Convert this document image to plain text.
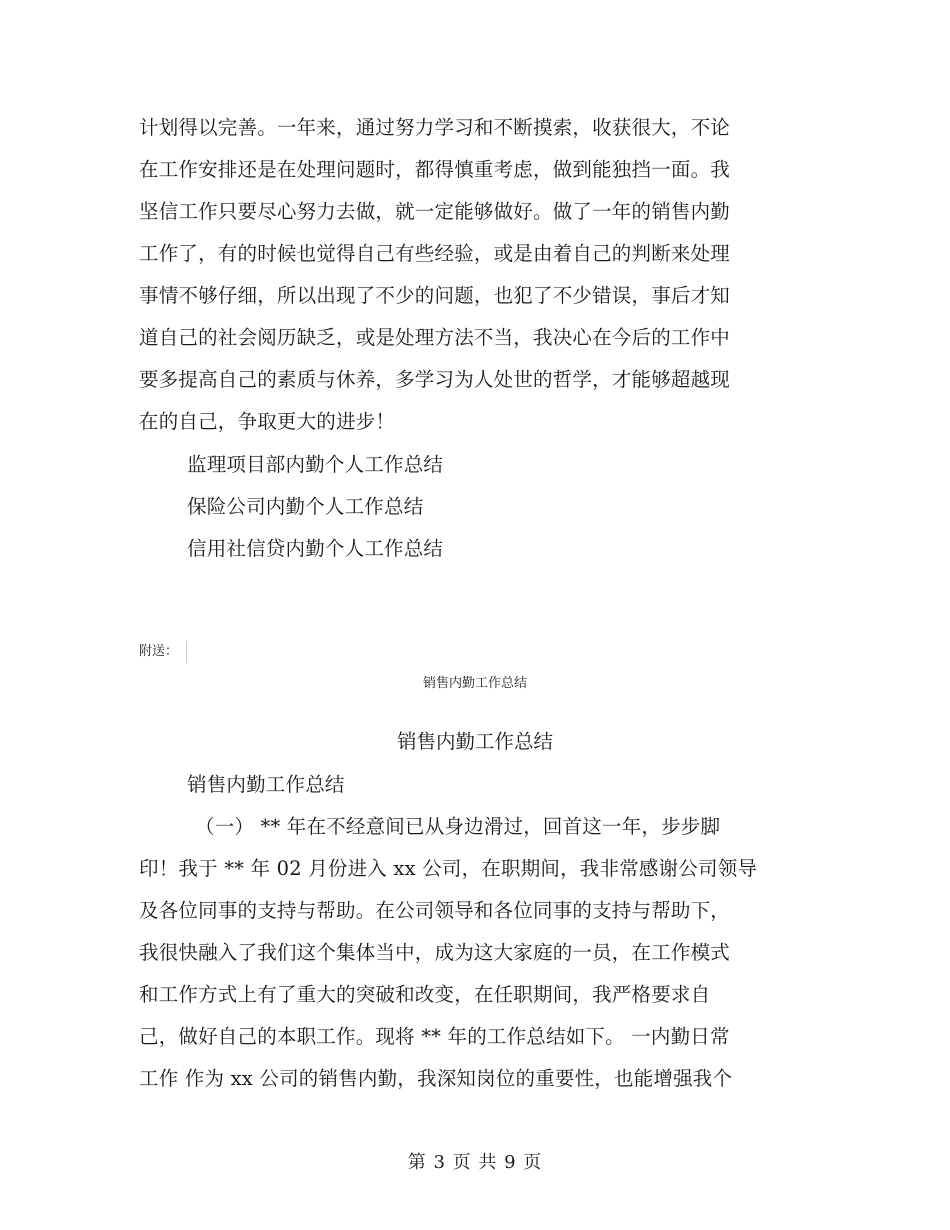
计划得以完善。一年来，通过努力学习和不断摸索，收获很大，不论
在工作安排还是在处理问题时，都得慎重考虑，做到能独挡一面。我
坚信工作只要尽心努力去做，就一定能够做好。做了一年的销售内勤
工作了，有的时候也觉得自己有些经验，或是由着自己的判断来处理
事情不够仔细，所以出现了不少的问题，也犯了不少错误，事后才知
道自己的社会阅历缺乏，或是处理方法不当，我决心在今后的工作中
要多提高自己的素质与休养，多学习为人处世的哲学，才能够超越现
在的自己，争取更大的进步！
监理项目部内勤个人工作总结
保险公司内勤个人工作总结
信用社信贷内勤个人工作总结
附送：
销售内勤工作总结
销售内勤工作总结
销售内勤工作总结
（一） ** 年在不经意间已从身边滑过，回首这一年，步步脚
印！我于 ** 年 02 月份进入 xx 公司，在职期间，我非常感谢公司领导
及各位同事的支持与帮助。在公司领导和各位同事的支持与帮助下，
我很快融入了我们这个集体当中，成为这大家庭的一员，在工作模式
和工作方式上有了重大的突破和改变，在任职期间，我严格要求自
己，做好自己的本职工作。现将 ** 年的工作总结如下。 一内勤日常
工作 作为 xx 公司的销售内勤，我深知岗位的重要性，也能增强我个
第 3 页 共 9 页
